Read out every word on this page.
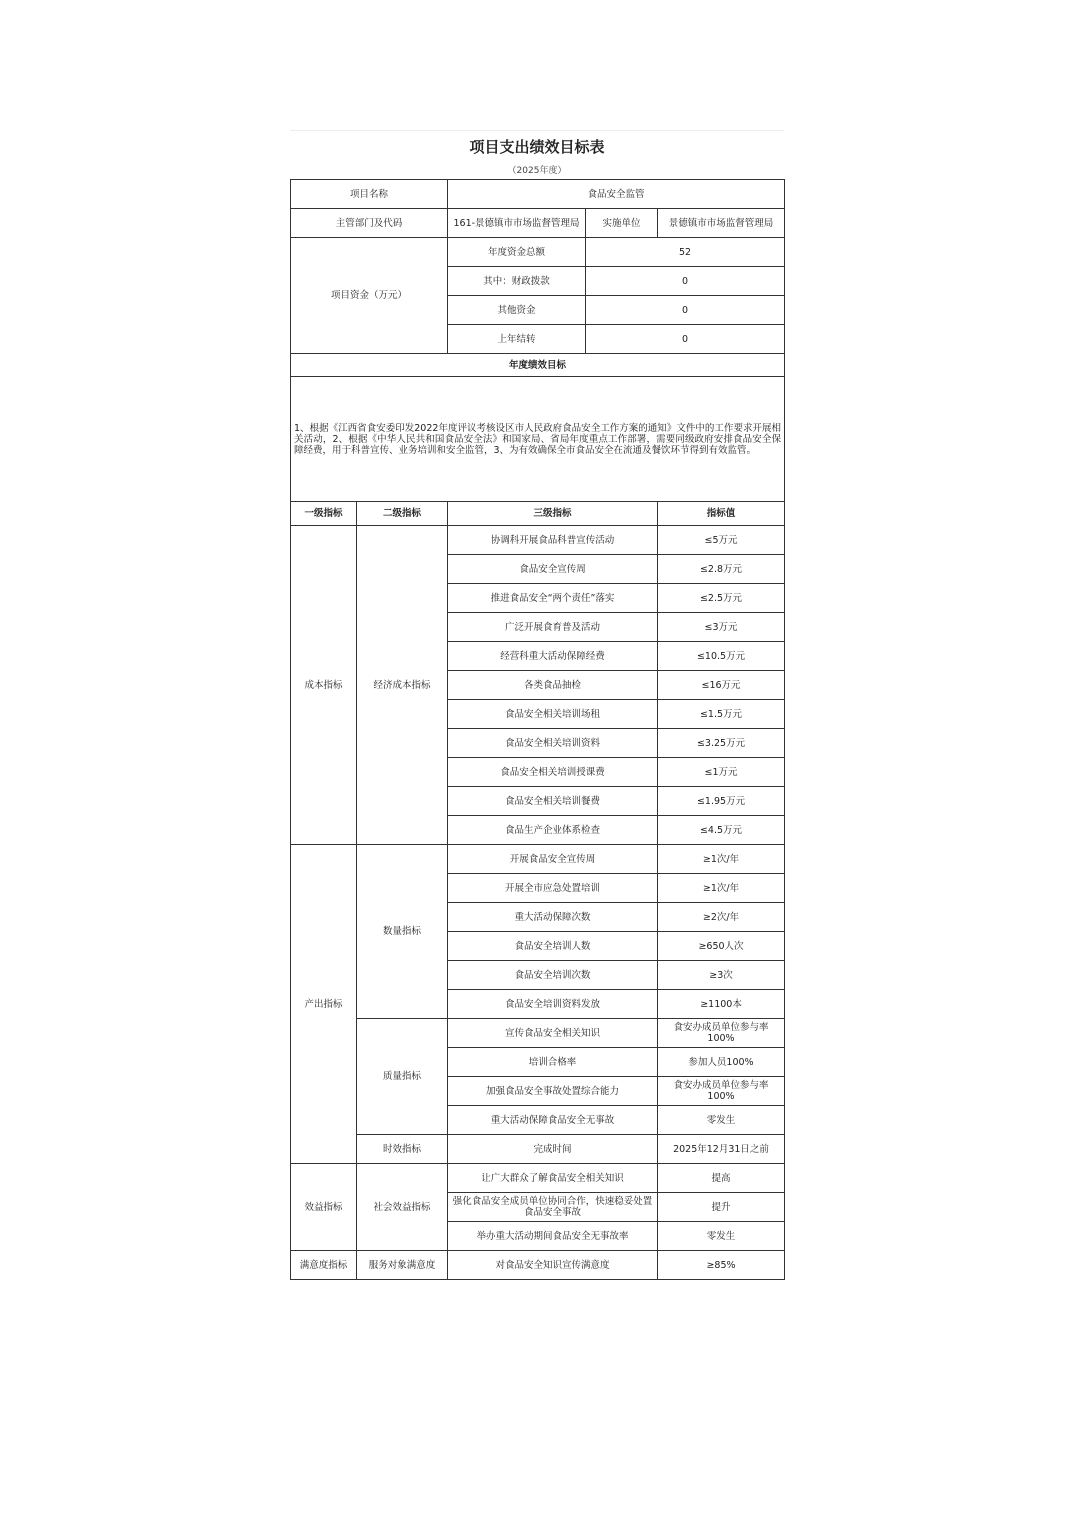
项目支出绩效目标表
（2025年度）
项目名称		食品安全监管		
主管部门及代码		161-景德镇市市场监督管理局	实施单位	景德镇市市场监督管理局
项目资金（万元）		年度资金总额	52	
		其中：财政拨款	0	
		其他资金	0	
		上年结转	0	
年度绩效目标				
1、根据《江西省食安委印发2022年度评议考核设区市人民政府食品安全工作方案的通知》文件中的工作要求开展相关活动，2、根据《中华人民共和国食品安全法》和国家局、省局年度重点工作部署，需要同级政府安排食品安全保障经费，用于科普宣传、业务培训和安全监管，3、为有效确保全市食品安全在流通及餐饮环节得到有效监管。				
一级指标	二级指标	三级指标		指标值
成本指标	经济成本指标	协调科开展食品科普宣传活动		≤5万元
		食品安全宣传周		≤2.8万元
		推进食品安全“两个责任”落实		≤2.5万元
		广泛开展食育普及活动		≤3万元
		经营科重大活动保障经费		≤10.5万元
		各类食品抽检		≤16万元
		食品安全相关培训场租		≤1.5万元
		食品安全相关培训资料		≤3.25万元
		食品安全相关培训授课费		≤1万元
		食品安全相关培训餐费		≤1.95万元
		食品生产企业体系检查		≤4.5万元
产出指标	数量指标	开展食品安全宣传周		≥1次/年
		开展全市应急处置培训		≥1次/年
		重大活动保障次数		≥2次/年
		食品安全培训人数		≥650人次
		食品安全培训次数		≥3次
		食品安全培训资料发放		≥1100本
	质量指标	宣传食品安全相关知识		食安办成员单位参与率100%
		培训合格率		参加人员100%
		加强食品安全事故处置综合能力		食安办成员单位参与率100%
		重大活动保障食品安全无事故		零发生
	时效指标	完成时间		2025年12月31日之前
效益指标	社会效益指标	让广大群众了解食品安全相关知识		提高
		强化食品安全成员单位协同合作，快速稳妥处置食品安全事故		提升
		举办重大活动期间食品安全无事故率		零发生
满意度指标	服务对象满意度	对食品安全知识宣传满意度		≥85%
